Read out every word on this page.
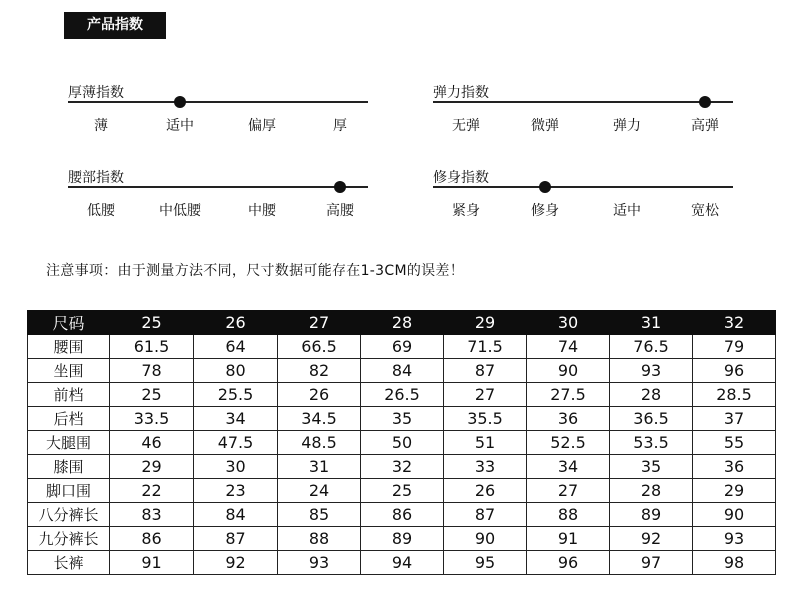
产品指数
厚薄指数
薄	适中	偏厚	厚
弹力指数
无弹	微弹	弹力	高弹
腰部指数
低腰	中低腰	中腰	高腰
修身指数
紧身	修身	适中	宽松
注意事项：由于测量方法不同，尺寸数据可能存在1-3CM的误差！
尺码	25	26	27	28	29	30	31	32
腰围	61.5	64	66.5	69	71.5	74	76.5	79
坐围	78	80	82	84	87	90	93	96
前档	25	25.5	26	26.5	27	27.5	28	28.5
后档	33.5	34	34.5	35	35.5	36	36.5	37
大腿围	46	47.5	48.5	50	51	52.5	53.5	55
膝围	29	30	31	32	33	34	35	36
脚口围	22	23	24	25	26	27	28	29
八分裤长	83	84	85	86	87	88	89	90
九分裤长	86	87	88	89	90	91	92	93
长裤	91	92	93	94	95	96	97	98
